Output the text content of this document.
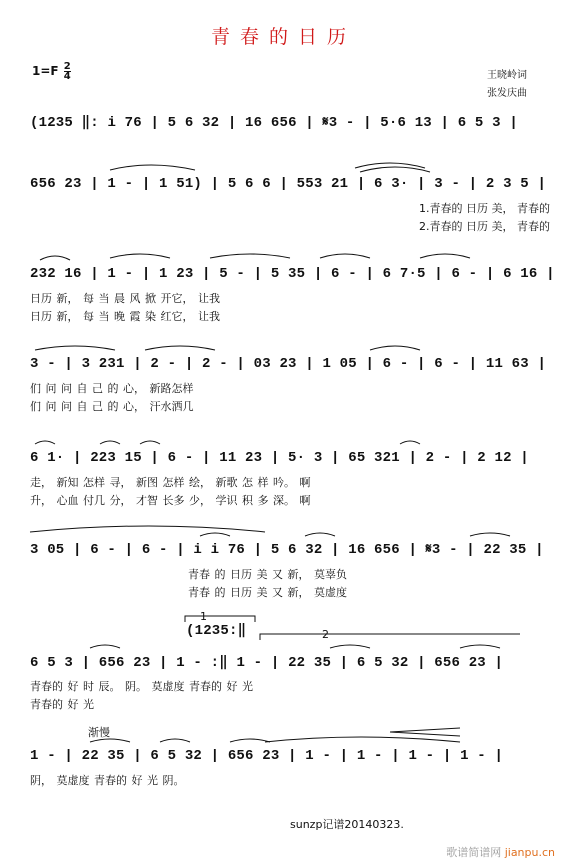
青春的日历
$1=F \frac{2}{4}$	王晓岭词
张发庆曲
(1235 ‖: i 76 | 5 6 32 | 16 656 | 𝄋3 - | 5·6 13 | 6 5 3 |
656 23 | 1 - | 1 51) | 5 6 6 | 553 21 | 6 3· | 3 - | 2 3 5 |
1.青春的 日历 美， 青春的
2.青春的 日历 美， 青春的
232 16 | 1 - | 1 23 | 5 - | 5 35 | 6 - | 6 7·5 | 6 - | 6 16 |
日历 新， 每 当 晨 风 掀 开它， 让我
日历 新， 每 当 晚 霞 染 红它， 让我
3 - | 3 231 | 2 - | 2 - | 03 23 | 1 05 | 6 - | 6 - | 11 63 |
们 问 问 自 己 的 心， 新路怎样
们 问 问 自 己 的 心， 汗水洒几
6 1· | 223 15 | 6 - | 11 23 | 5· 3 | 65 321 | 2 - | 2 12 |
走， 新知 怎样 寻， 新图 怎样 绘， 新歌 怎 样 吟。 啊
升， 心血 付几 分， 才智 长多 少， 学识 积 多 深。 啊
3 05 | 6 - | 6 - | i i 76 | 5 6 32 | 16 656 | 𝄋3 - | 22 35 |
青春 的 日历 美 又 新， 莫辜负
青春 的 日历 美 又 新， 莫虚度
(1235:‖
1
2
6 5 3 | 656 23 | 1 - :‖ 1 - | 22 35 | 6 5 32 | 656 23 |
青春的 好 时 辰。 阴。 莫虚度 青春的 好 光
青春的 好 光
渐慢
1 - | 22 35 | 6 5 32 | 656 23 | 1 - | 1 - | 1 - | 1 - |
阴， 莫虚度 青春的 好 光 阴。
sunzp记谱20140323.
歌谱简谱网 jianpu.cn
